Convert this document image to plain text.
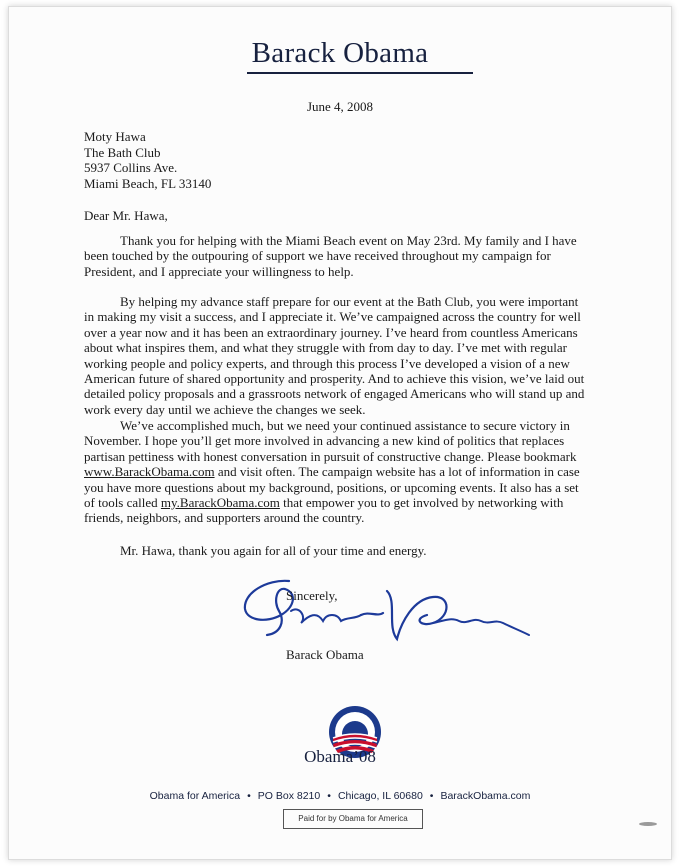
Barack Obama
June 4, 2008
Moty Hawa
The Bath Club
5937 Collins Ave.
Miami Beach, FL 33140
Dear Mr. Hawa,

Thank you for helping with the Miami Beach event on May 23rd. My family and I have
been touched by the outpouring of support we have received throughout my campaign for
President, and I appreciate your willingness to help.

By helping my advance staff prepare for our event at the Bath Club, you were important
in making my visit a success, and I appreciate it. We’ve campaigned across the country for well
over a year now and it has been an extraordinary journey. I’ve heard from countless Americans
about what inspires them, and what they struggle with from day to day. I’ve met with regular
working people and policy experts, and through this process I’ve developed a vision of a new
American future of shared opportunity and prosperity. And to achieve this vision, we’ve laid out
detailed policy proposals and a grassroots network of engaged Americans who will stand up and
work every day until we achieve the changes we seek.

We’ve accomplished much, but we need your continued assistance to secure victory in
November. I hope you’ll get more involved in advancing a new kind of politics that replaces
partisan pettiness with honest conversation in pursuit of constructive change. Please bookmark
www.BarackObama.com and visit often. The campaign website has a lot of information in case
you have more questions about my background, positions, or upcoming events. It also has a set
of tools called my.BarackObama.com that empower you to get involved by networking with
friends, neighbors, and supporters around the country.

Mr. Hawa, thank you again for all of your time and energy.

Sincerely,
Barack Obama
Obama’08
Obama for America • PO Box 8210 • Chicago, IL 60680 • BarackObama.com
Paid for by Obama for America
